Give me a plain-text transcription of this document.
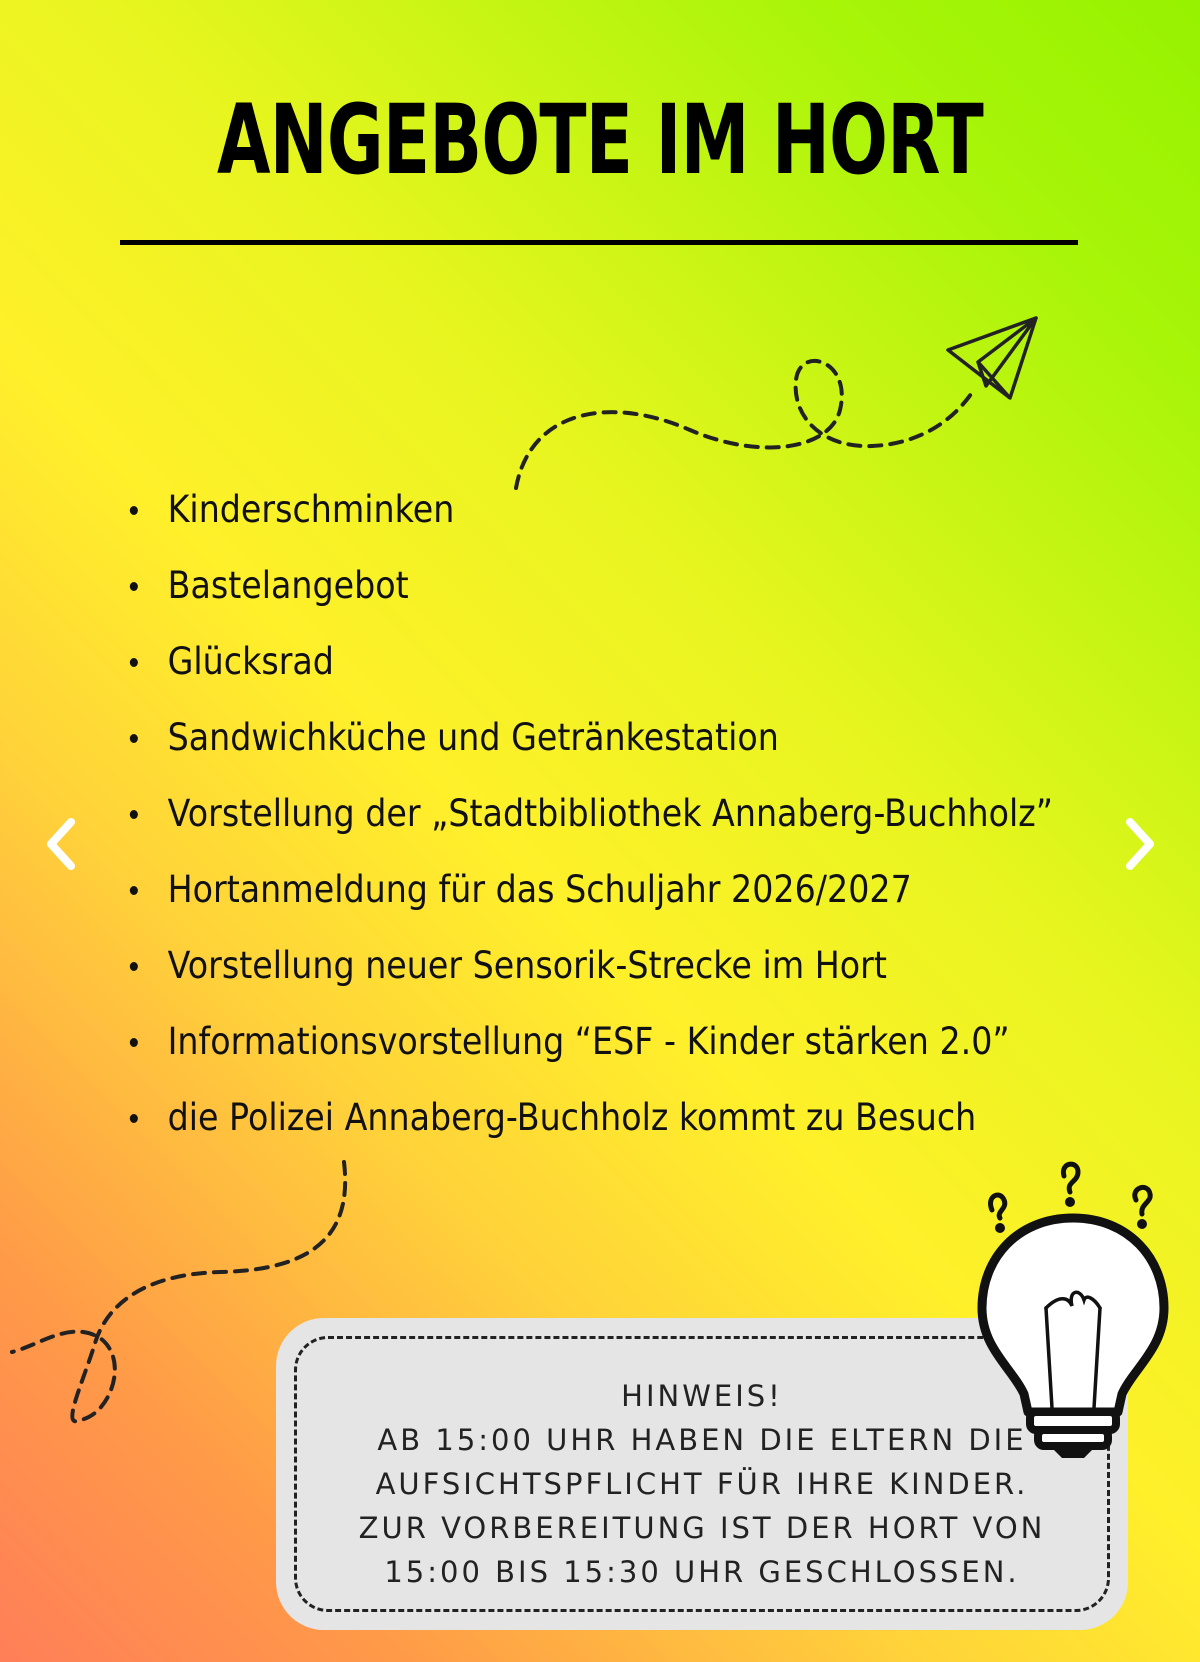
ANGEBOTE IM HORT
Kinderschminken
Bastelangebot
Glücksrad
Sandwichküche und Getränkestation
Vorstellung der „Stadtbibliothek Annaberg-Buchholz”
Hortanmeldung für das Schuljahr 2026/2027
Vorstellung neuer Sensorik-Strecke im Hort
Informationsvorstellung “ESF - Kinder stärken 2.0”
die Polizei Annaberg-Buchholz kommt zu Besuch
HINWEIS!
AB 15:00 UHR HABEN DIE ELTERN DIE
AUFSICHTSPFLICHT FÜR IHRE KINDER.
ZUR VORBEREITUNG IST DER HORT VON
15:00 BIS 15:30 UHR GESCHLOSSEN.
